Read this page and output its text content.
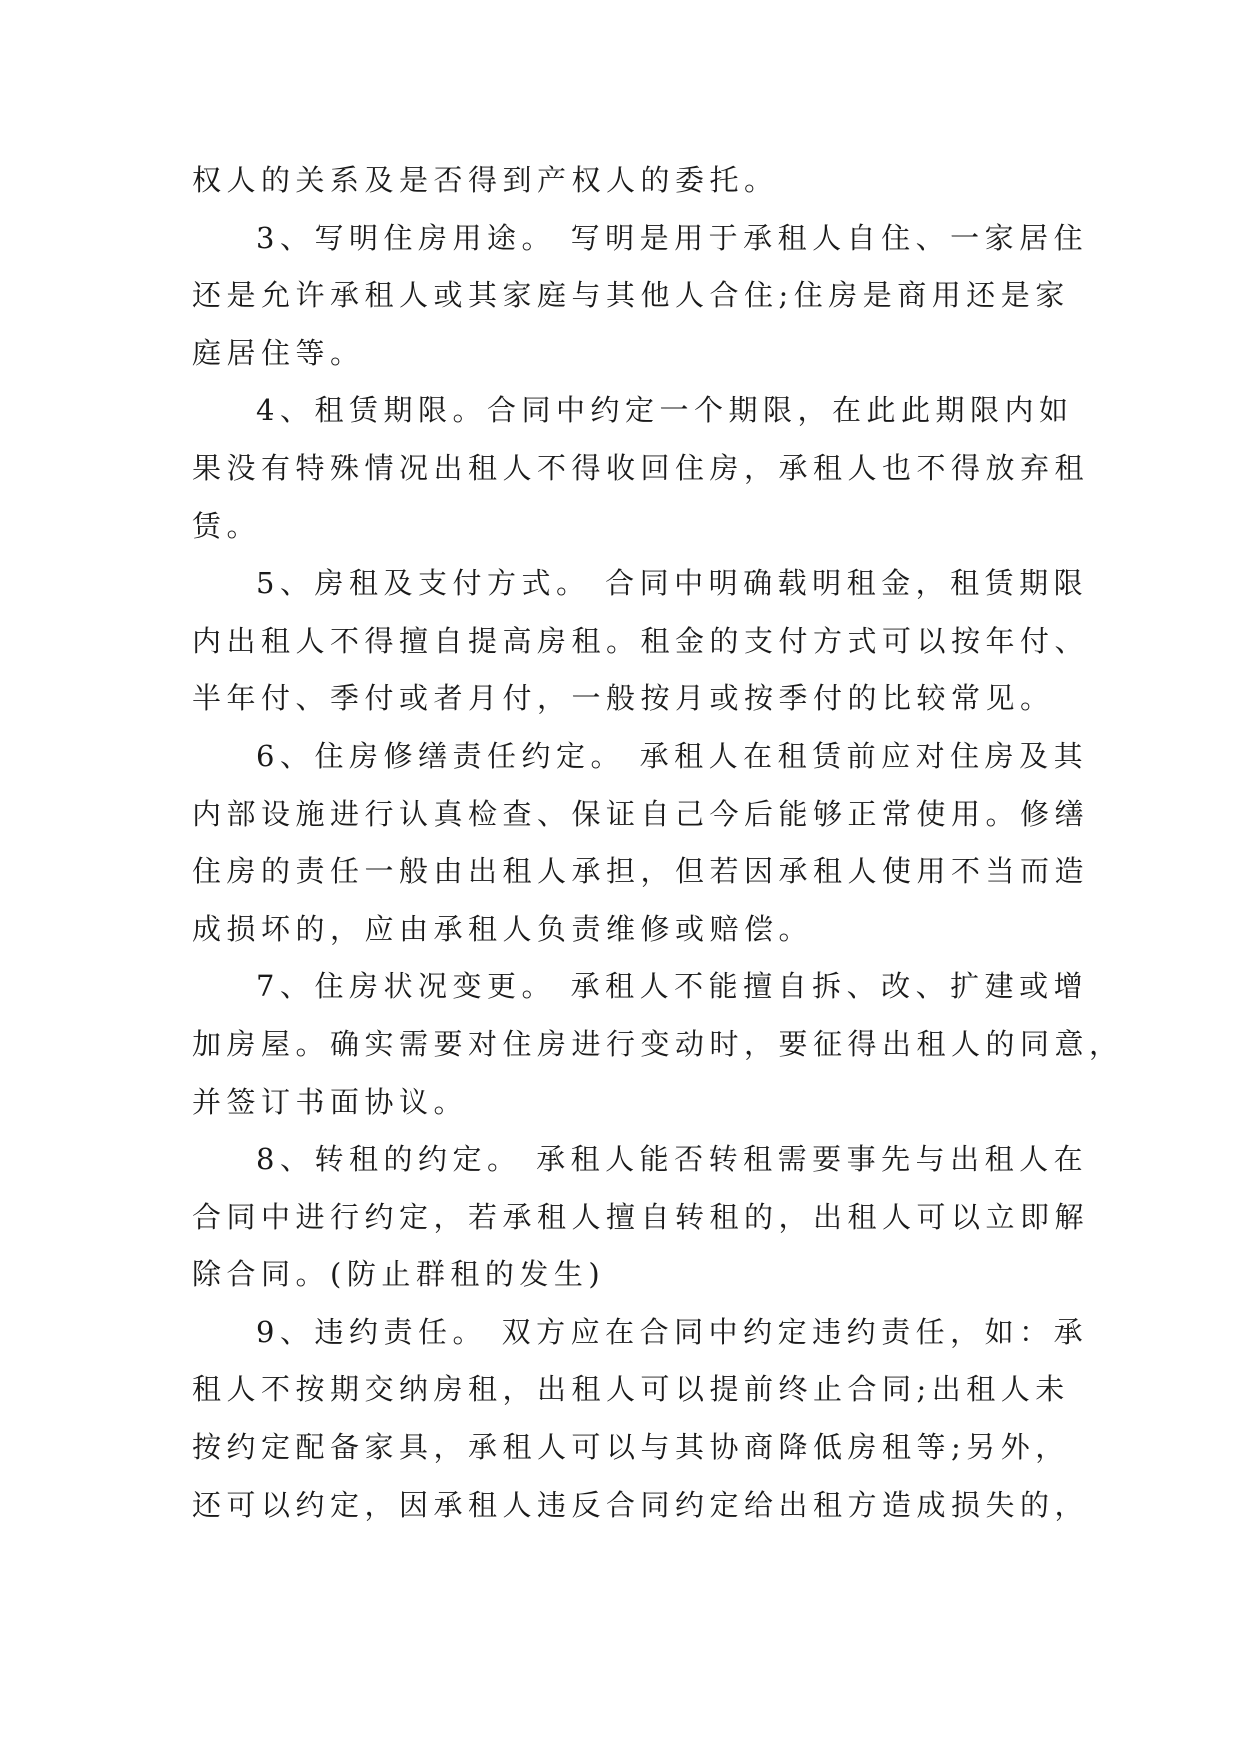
权人的关系及是否得到产权人的委托。
3、写明住房用途。 写明是用于承租人自住、一家居住
还是允许承租人或其家庭与其他人合住;住房是商用还是家
庭居住等。
4、租赁期限。合同中约定一个期限，在此此期限内如
果没有特殊情况出租人不得收回住房，承租人也不得放弃租
赁。
5、房租及支付方式。 合同中明确载明租金，租赁期限
内出租人不得擅自提高房租。租金的支付方式可以按年付、
半年付、季付或者月付，一般按月或按季付的比较常见。
6、住房修缮责任约定。 承租人在租赁前应对住房及其
内部设施进行认真检查、保证自己今后能够正常使用。修缮
住房的责任一般由出租人承担，但若因承租人使用不当而造
成损坏的，应由承租人负责维修或赔偿。
7、住房状况变更。 承租人不能擅自拆、改、扩建或增
加房屋。确实需要对住房进行变动时，要征得出租人的同意，
并签订书面协议。
8、转租的约定。 承租人能否转租需要事先与出租人在
合同中进行约定，若承租人擅自转租的，出租人可以立即解
除合同。(防止群租的发生)
9、违约责任。 双方应在合同中约定违约责任，如：承
租人不按期交纳房租，出租人可以提前终止合同;出租人未
按约定配备家具，承租人可以与其协商降低房租等;另外，
还可以约定，因承租人违反合同约定给出租方造成损失的，
